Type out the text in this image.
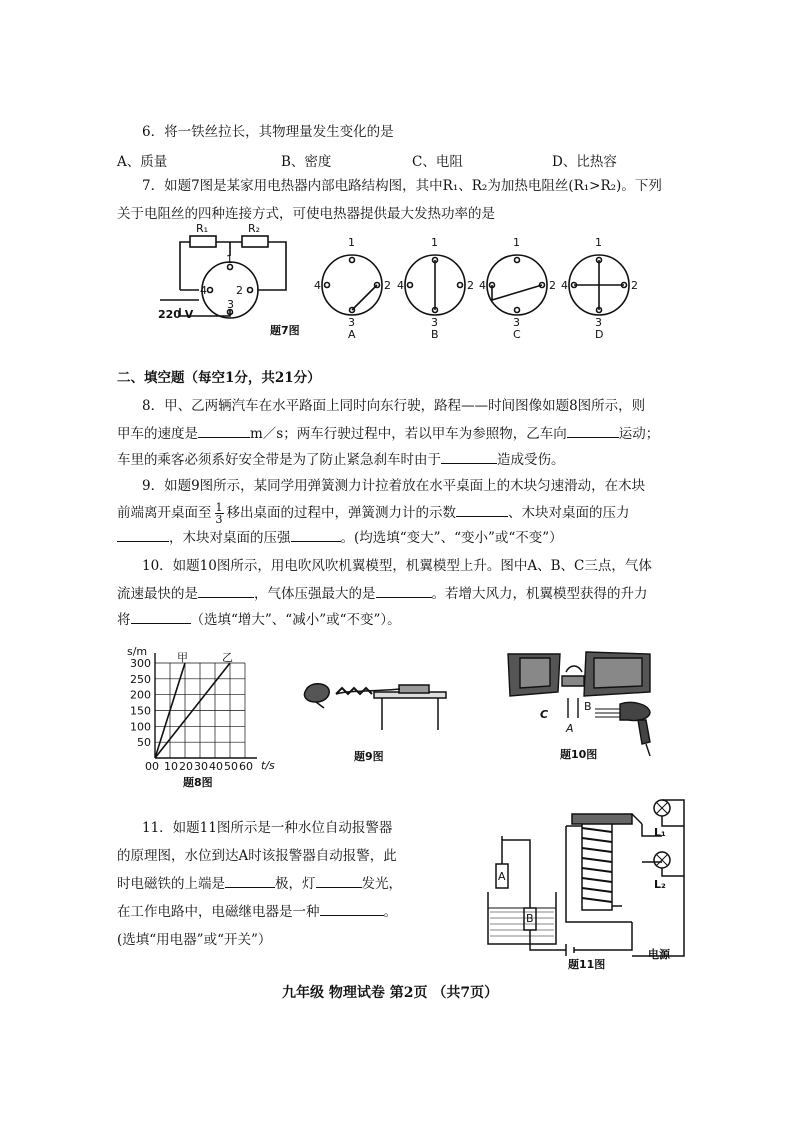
6．将一铁丝拉长，其物理量发生变化的是
A、质量	B、密度	C、电阻	D、比热容
7．如题7图是某家用电热器内部电路结构图，其中R₁、R₂为加热电阻丝(R₁>R₂)。下列
关于电阻丝的四种连接方式，可使电热器提供最大发热功率的是
R₁	R₂
1
4	2
3
220 V
题7图
1
4	2
3
A
1
4	2
3
B
1
4	2
3
C
1
4	2
3
D
二、填空题（每空1分，共21分）
8．甲、乙两辆汽车在水平路面上同时向东行驶，路程——时间图像如题8图所示，则
甲车的速度是	m／s；两车行驶过程中，若以甲车为参照物，乙车向	运动；
车里的乘客必须系好安全带是为了防止紧急刹车时由于	造成受伤。
9．如题9图所示，某同学用弹簧测力计拉着放在水平桌面上的木块匀速滑动，在木块
前端离开桌面至 $\frac{1}{3}$ 移出桌面的过程中，弹簧测力计的示数	、木块对桌面的压力
，木块对桌面的压强	。(均选填“变大”、“变小”或“不变”）
10．如题10图所示，用电吹风吹机翼模型，机翼模型上升。图中A、B、C三点，气体
流速最快的是	，气体压强最大的是	。若增大风力，机翼模型获得的升力
将	（选填“增大”、“减小”或“不变”）。
s/m
t/s
甲	乙
0 10 20 30 40 50 60
50
100
150
200
250
300
0
题8图
题9图
C
B
A
题10图
11．如题11图所示是一种水位自动报警器
的原理图，水位到达A时该报警器自动报警，此
时电磁铁的上端是	极，灯	发光，
在工作电路中，电磁继电器是一种	。
(选填“用电器”或“开关”）
A
B
L₁
L₂
电源
题11图
九年级 物理试卷 第2页 （共7页）
